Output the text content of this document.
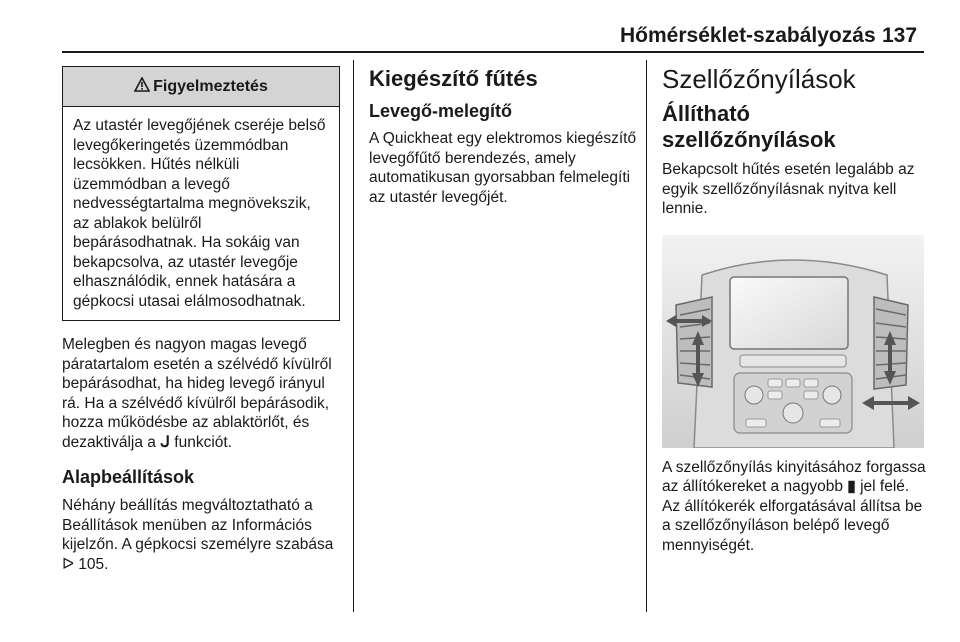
Hőmérséklet-szabályozás 137
Figyelmeztetés
Az utastér levegőjének cseréje belső levegőkeringetés üzemmódban lecsökken. Hűtés nélküli üzemmódban a levegő nedvességtartalma megnövekszik, az ablakok belülről bepárásodhatnak. Ha sokáig van bekapcsolva, az utastér levegője elhasználódik, ennek hatására a gépkocsi utasai elálmosodhatnak.

Melegben és nagyon magas levegő páratartalom esetén a szélvédő kívülről bepárásodhat, ha hideg levegő irányul rá. Ha a szélvédő kívülről bepárásodik, hozza működésbe az ablaktörlőt, és dezaktiválja a ᒍ funkciót.

Alapbeállítások

Néhány beállítás megváltoztatható a Beállítások menüben az Információs kijelzőn. A gépkocsi személyre szabása ᐅ 105.

Kiegészítő fűtés
Levegő-melegítő

A Quickheat egy elektromos kiegészítő levegőfűtő berendezés, amely automatikusan gyorsabban felmelegíti az utastér levegőjét.

Szellőzőnyílások
Állítható szellőzőnyílások

Bekapcsolt hűtés esetén legalább az egyik szellőzőnyílásnak nyitva kell lennie.

A szellőzőnyílás kinyitásához forgassa az állítókereket a nagyobb ▮ jel felé. Az állítókerék elforgatásával állítsa be a szellőzőnyíláson belépő levegő mennyiségét.
